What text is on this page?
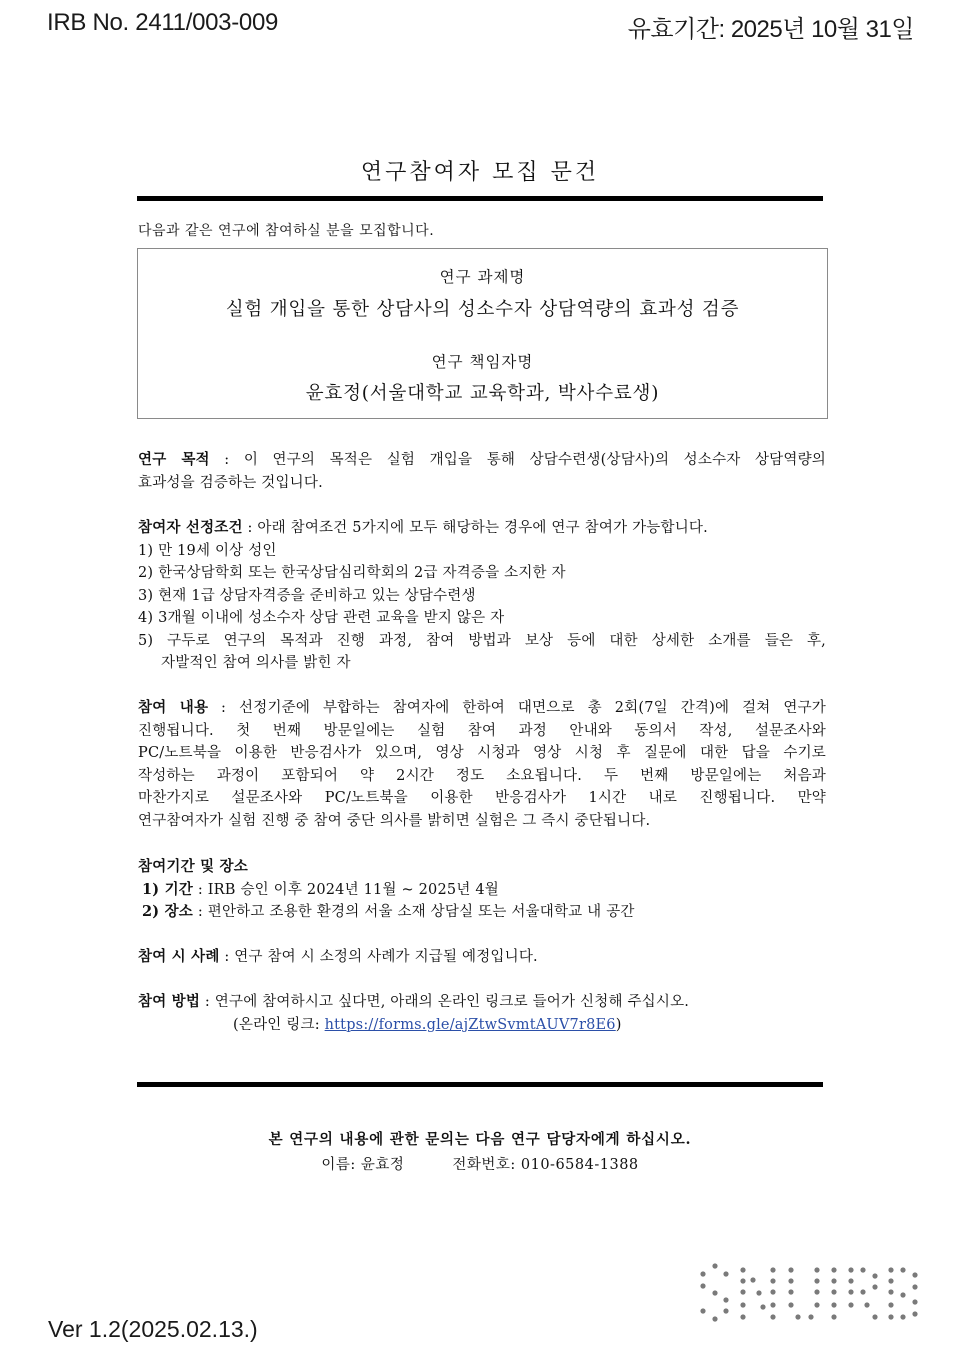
IRB No. 2411/003-009	유효기간: 2025년 10월 31일
연구참여자 모집 문건
다음과 같은 연구에 참여하실 분을 모집합니다.
연구 과제명
실험 개입을 통한 상담사의 성소수자 상담역량의 효과성 검증
연구 책임자명
윤효정(서울대학교 교육학과, 박사수료생)
연구 목적 : 이 연구의 목적은 실험 개입을 통해 상담수련생(상담사)의 성소수자 상담역량의
효과성을 검증하는 것입니다.
참여자 선정조건 : 아래 참여조건 5가지에 모두 해당하는 경우에 연구 참여가 가능합니다.
1) 만 19세 이상 성인
2) 한국상담학회 또는 한국상담심리학회의 2급 자격증을 소지한 자
3) 현재 1급 상담자격증을 준비하고 있는 상담수련생
4) 3개월 이내에 성소수자 상담 관련 교육을 받지 않은 자
5) 구두로 연구의 목적과 진행 과정, 참여 방법과 보상 등에 대한 상세한 소개를 들은 후,
자발적인 참여 의사를 밝힌 자
참여 내용 : 선정기준에 부합하는 참여자에 한하여 대면으로 총 2회(7일 간격)에 걸쳐 연구가
진행됩니다. 첫 번째 방문일에는 실험 참여 과정 안내와 동의서 작성, 설문조사와
PC/노트북을 이용한 반응검사가 있으며, 영상 시청과 영상 시청 후 질문에 대한 답을 수기로
작성하는 과정이 포함되어 약 2시간 정도 소요됩니다. 두 번째 방문일에는 처음과
마찬가지로 설문조사와 PC/노트북을 이용한 반응검사가 1시간 내로 진행됩니다. 만약
연구참여자가 실험 진행 중 참여 중단 의사를 밝히면 실험은 그 즉시 중단됩니다.
참여기간 및 장소
1) 기간 : IRB 승인 이후 2024년 11월 ~ 2025년 4월
2) 장소 : 편안하고 조용한 환경의 서울 소재 상담실 또는 서울대학교 내 공간
참여 시 사례 : 연구 참여 시 소정의 사례가 지급될 예정입니다.
참여 방법 : 연구에 참여하시고 싶다면, 아래의 온라인 링크로 들어가 신청해 주십시오.
(온라인 링크: https://forms.gle/ajZtwSvmtAUV7r8E6)
본 연구의 내용에 관한 문의는 다음 연구 담당자에게 하십시오.
이름: 윤효정	전화번호: 010-6584-1388
Ver 1.2(2025.02.13.)
